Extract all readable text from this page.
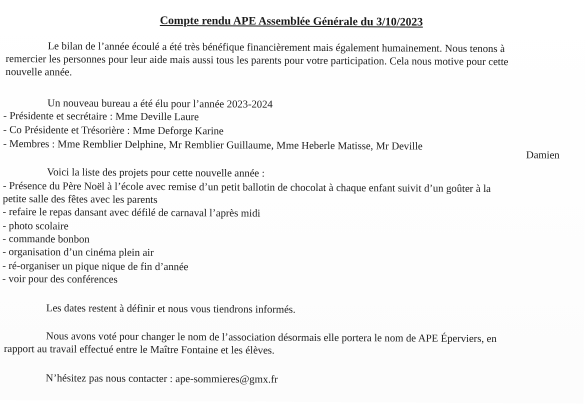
Compte rendu APE Assemblée Générale du 3/10/2023
Le bilan de l’année écoulé a été très bénéfique financièrement mais également humainement. Nous tenons à
remercier les personnes pour leur aide mais aussi tous les parents pour votre participation. Cela nous motive pour cette
nouvelle année.
Un nouveau bureau a été élu pour l’année 2023-2024
- Présidente et secrétaire : Mme Deville Laure
- Co Présidente et Trésorière : Mme Deforge Karine
- Membres : Mme Remblier Delphine, Mr Remblier Guillaume, Mme Heberle Matisse, Mr Deville
Damien
Voici la liste des projets pour cette nouvelle année :
- Présence du Père Noël à l’école avec remise d’un petit ballotin de chocolat à chaque enfant suivit d’un goûter à la
petite salle des fêtes avec les parents
- refaire le repas dansant avec défilé de carnaval l’après midi
- photo scolaire
- commande bonbon
- organisation d’un cinéma plein air
- ré-organiser un pique nique de fin d’année
- voir pour des conférences
Les dates restent à définir et nous vous tiendrons informés.
Nous avons voté pour changer le nom de l’association désormais elle portera le nom de APE Éperviers, en
rapport au travail effectué entre le Maître Fontaine et les élèves.
N’hésitez pas nous contacter : ape-sommieres@gmx.fr
